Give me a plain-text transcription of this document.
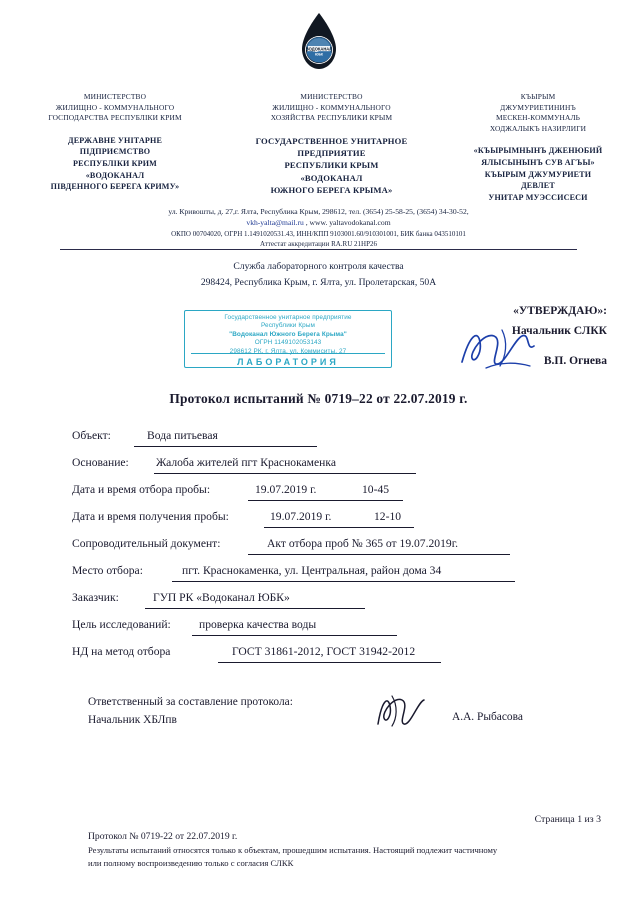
ВОДОКАНАЛ
ЮБК
МИНИСТЕРСТВО
ЖИЛИЩНО - КОММУНАЛЬНОГО
ГОСПОДАРСТВА РЕСПУБЛІКИ КРИМ
ДЕРЖАВНЕ УНІТАРНЕ
ПІДПРИЄМСТВО
РЕСПУБЛІКИ КРИМ
«ВОДОКАНАЛ
ПІВДЕННОГО БЕРЕГА КРИМУ»
МИНИСТЕРСТВО
ЖИЛИЩНО - КОММУНАЛЬНОГО
ХОЗЯЙСТВА РЕСПУБЛИКИ КРЫМ
ГОСУДАРСТВЕННОЕ УНИТАРНОЕ
ПРЕДПРИЯТИЕ
РЕСПУБЛИКИ КРЫМ
«ВОДОКАНАЛ
ЮЖНОГО БЕРЕГА КРЫМА»
КЪЫРЫМ
ДЖУМУРИЕТИНИНЪ
МЕСКЕН-КОММУНАЛЬ
ХОДЖАЛЫКЪ НАЗИРЛИГИ
«КЪЫРЫМНЫНЪ ДЖЕНЮБИЙ
ЯЛЫСЫНЫНЪ СУВ АГЪЫ»
КЪЫРЫМ ДЖУМУРИЕТИ
ДЕВЛЕТ
УНИТАР МУЭССИСЕСИ
ул. Кривошты, д. 27,г. Ялта, Республика Крым, 298612, тел. (3654) 25-58-25, (3654) 34-30-52,
vkh-yalta@mail.ru , www. yaltavodokanal.com
ОКПО 00704020, ОГРН 1.1491020531.43, ИНН/КПП 9103001.60/910301001, БИК банка 043510101
Аттестат аккредитации RA.RU 21НР26
Служба лабораторного контроля качества
298424, Республика Крым, г. Ялта, ул. Пролетарская, 50А
Государственное унитарное предприятие
Республики Крым
"Водоканал Южного Берега Крыма"
ОГРН 1149102053143
298612 РК, г. Ялта, ул. Коммиситы, 27
ЛАБОРАТОРИЯ
«УТВЕРЖДАЮ»:
Начальник СЛКК
В.П. Огнева
Протокол испытаний № 0719–22 от 22.07.2019 г.
Объект:	Вода питьевая
Основание: Жалоба жителей пгт Краснокаменка
Дата и время отбора пробы:	19.07.2019 г.	10-45
Дата и время получения пробы:	19.07.2019 г.	12-10
Сопроводительный документ:	Акт отбора проб № 365 от 19.07.2019г.
Место отбора:	пгт. Краснокаменка, ул. Центральная, район дома 34
Заказчик:	ГУП РК «Водоканал ЮБК»
Цель исследований: проверка качества воды
НД на метод отбора	ГОСТ 31861-2012, ГОСТ 31942-2012
Ответственный за составление протокола:
Начальник ХБЛпв	А.А. Рыбасова
Страница 1 из 3
Протокол № 0719-22 от 22.07.2019 г.
Результаты испытаний относятся только к объектам, прошедшим испытания. Настоящий подлежит частичному
или полному воспроизведению только с согласия СЛКК
